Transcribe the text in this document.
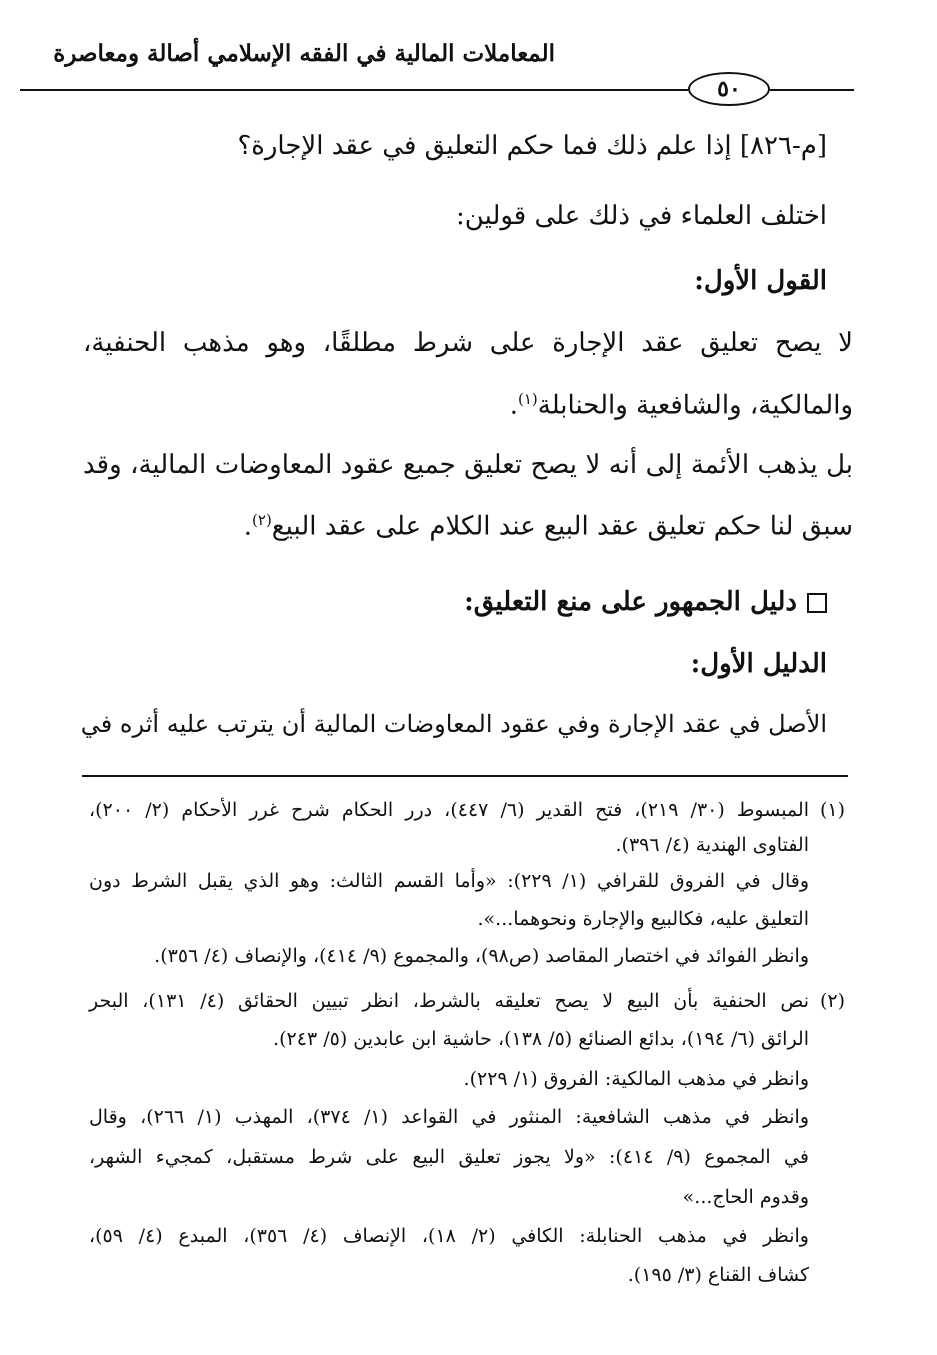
المعاملات المالية في الفقه الإسلامي أصالة ومعاصرة
٥٠
[م-٨٢٦] إذا علم ذلك فما حكم التعليق في عقد الإجارة؟
اختلف العلماء في ذلك على قولين:
القول الأول:
لا يصح تعليق عقد الإجارة على شرط مطلقًا، وهو مذهب الحنفية،
والمالكية، والشافعية والحنابلة$^{(١)}$.
بل يذهب الأئمة إلى أنه لا يصح تعليق جميع عقود المعاوضات المالية، وقد
سبق لنا حكم تعليق عقد البيع عند الكلام على عقد البيع$^{(٢)}$.
دليل الجمهور على منع التعليق:
الدليل الأول:
الأصل في عقد الإجارة وفي عقود المعاوضات المالية أن يترتب عليه أثره في
(١)
المبسوط (٣٠/ ٢١٩)، فتح القدير (٦/ ٤٤٧)، درر الحكام شرح غرر الأحكام (٢/ ٢٠٠)،
الفتاوى الهندية (٤/ ٣٩٦).
وقال في الفروق للقرافي (١/ ٢٢٩): «وأما القسم الثالث: وهو الذي يقبل الشرط دون
التعليق عليه، فكالبيع والإجارة ونحوهما...».
وانظر الفوائد في اختصار المقاصد (ص٩٨)، والمجموع (٩/ ٤١٤)، والإنصاف (٤/ ٣٥٦).
(٢)
نص الحنفية بأن البيع لا يصح تعليقه بالشرط، انظر تبيين الحقائق (٤/ ١٣١)، البحر
الرائق (٦/ ١٩٤)، بدائع الصنائع (٥/ ١٣٨)، حاشية ابن عابدين (٥/ ٢٤٣).
وانظر في مذهب المالكية: الفروق (١/ ٢٢٩).
وانظر في مذهب الشافعية: المنثور في القواعد (١/ ٣٧٤)، المهذب (١/ ٢٦٦)، وقال
في المجموع (٩/ ٤١٤): «ولا يجوز تعليق البيع على شرط مستقبل، كمجيء الشهر،
وقدوم الحاج...»
وانظر في مذهب الحنابلة: الكافي (٢/ ١٨)، الإنصاف (٤/ ٣٥٦)، المبدع (٤/ ٥٩)،
كشاف القناع (٣/ ١٩٥).
